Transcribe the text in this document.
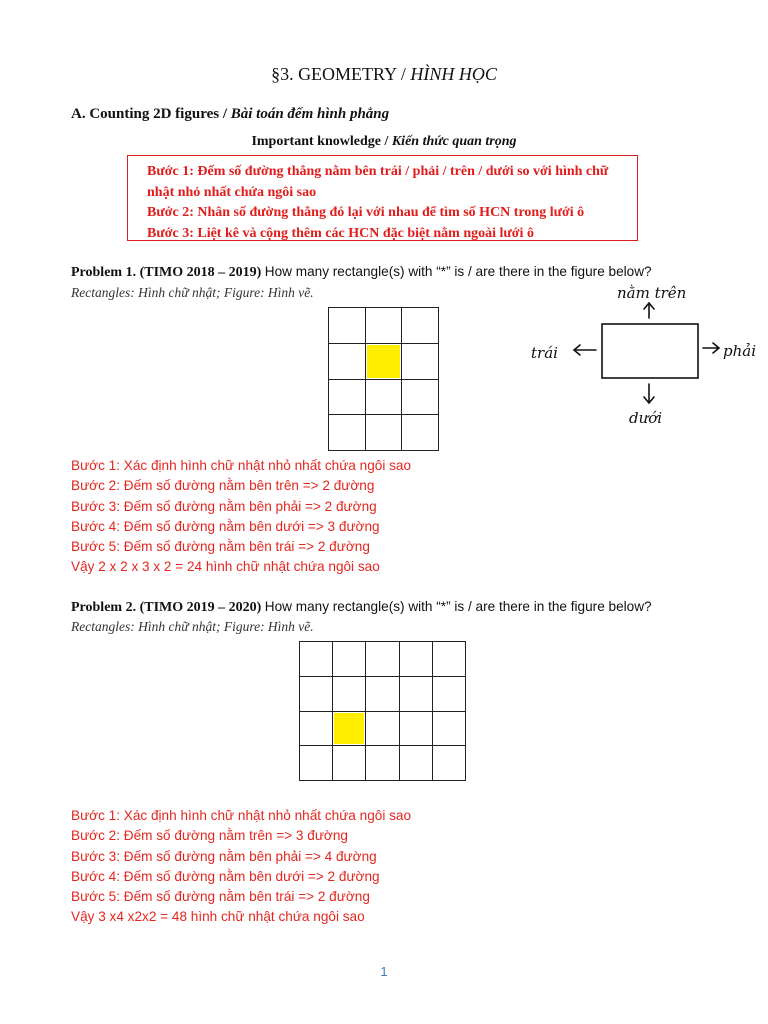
§3. GEOMETRY / HÌNH HỌC
A. Counting 2D figures / Bài toán đếm hình phẳng
Important knowledge / Kiến thức quan trọng
Bước 1: Đếm số đường thẳng nằm bên trái / phải / trên / dưới so với hình chữ nhật nhỏ nhất chứa ngôi sao
Bước 2: Nhân số đường thẳng đó lại với nhau để tìm số HCN trong lưới ô
Bước 3: Liệt kê và cộng thêm các HCN đặc biệt nằm ngoài lưới ô
Problem 1. (TIMO 2018 – 2019) How many rectangle(s) with “*” is / are there in the figure below?
Rectangles: Hình chữ nhật; Figure: Hình vẽ.	nằm trên
trái	phải
dưới
Bước 1: Xác định hình chữ nhật nhỏ nhất chứa ngôi sao
Bước 2: Đếm số đường nằm bên trên => 2 đường
Bước 3: Đếm số đường nằm bên phải => 2 đường
Bước 4: Đếm số đường nằm bên dưới => 3 đường
Bước 5: Đếm số đường nằm bên trái => 2 đường
Vậy 2 x 2 x 3 x 2 = 24 hình chữ nhật chứa ngôi sao
Problem 2. (TIMO 2019 – 2020) How many rectangle(s) with “*” is / are there in the figure below?
Rectangles: Hình chữ nhật; Figure: Hình vẽ.
Bước 1: Xác định hình chữ nhật nhỏ nhất chứa ngôi sao
Bước 2: Đếm số đường nằm trên => 3 đường
Bước 3: Đếm số đường nằm bên phải => 4 đường
Bước 4: Đếm số đường nằm bên dưới => 2 đường
Bước 5: Đếm số đường nằm bên trái => 2 đường
Vậy 3 x4 x2x2 = 48 hình chữ nhật chứa ngôi sao
1
